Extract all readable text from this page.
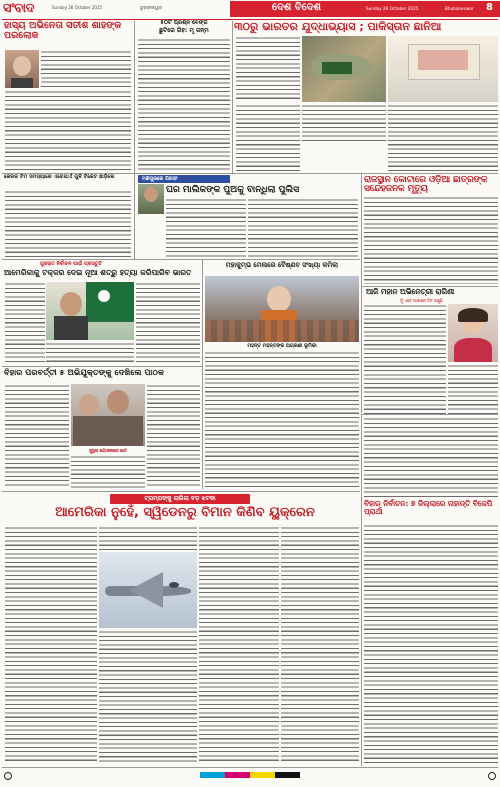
ସଂବାଦ	Sunday 26 October 2025	ଭୁବନେଶ୍ୱର	ଦେଶ ବିଦେଶ	Sunday 26 October 2025	Bhubaneswar 8
ହାସ୍ୟ ଅଭିନେତା ସତୀଶ ଶାହଙ୍କ ପରଲୋକ
୫୦ଟି ପ୍ରଶ୍ନ ବେଙ୍ଗ
ଛୁଟିରେ ରିହ: ମୃ ଜନ୍ମ	୩ଠରୁ ଭାରତର ଯୁଦ୍ଧାଭ୍ୟାସ ; ପାକିସ୍ତାନ ଛାନିଆ
କେରଳ ଟିମ ସମସ୍ୟାରେ ଏବେଯାଏଁ ଗୁଳି ଟିକେଟ ଛାଡ଼ିଲେ	ମଣିପୁରରେ ଗିରଫ
ଘର ମାଲିକଙ୍କ ପୁଅକୁ ବାନ୍ଧିଲା ପୁଲିସ
ରାଜସ୍ଥାନ କୋଟାରେ ଓଡ଼ିଆ ଛାତ୍ରଙ୍କ ସନ୍ଦେହଜନକ ମୃତ୍ୟୁ
ଆଜି ମହାନ ଅଭିନେତ୍ରୀ ରାଗିଣୀ
ମୁଁ ଏବେ ଆଶାରେ ଦିନ ଗଣୁଛି
ଗୁଜରାଟ ନିର୍ବାଚନ ପାଇଁ ପ୍ରସ୍ତୁତି
ଆମେରିକାକୁ ଟକ୍କର ଦେଇ ନୂଆ ଶତ୍ରୁ ହତ୍ୟା କରିପାରିବ ଭାରତ
ମହାକୁମ୍ଭ ମେଳାରେ ବୈଷ୍ଣବ ସଂଖ୍ୟା କମିଲା
ମହନ୍ତ ମହନ୍ତଙ୍କ ଅଗ୍ରଣୀ ଭୂମିକା
ବିହାର ପରବର୍ତ୍ତୀ ୫ ଅଭିଯୁକ୍ତଙ୍କୁ ଦେଖିଲେ ପାଠକ
ସୁସ୍ଥତା ଯୋଜନାରେ ଛାଟ
ବିହାର ନିର୍ବାଚନ: ୭ ଜିଲ୍ଲାରେ ନାହାନ୍ତି ବିଜେପି ପ୍ରାର୍ଥୀ
ଟ୍ରମ୍ପଙ୍କୁ ଲାଗିଲା ବଡ଼ ଝଟକା
ଆମେରିକା ନୁହେଁ, ସ୍ୱିଡେନରୁ ବିମାନ କିଣିବ ୟୁକ୍ରେନ
